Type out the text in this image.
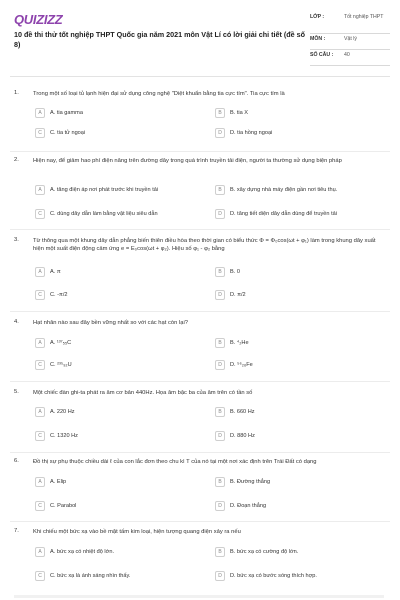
QUIZIZZ
10 đề thi thử tốt nghiệp THPT Quốc gia năm 2021 môn Vật Lí có lời giải chi tiết (đề số 8)
LỚP :	Tốt nghiệp THPT
MÔN :	Vật lý
SỐ CÂU : 40
1. Trong một số loại tủ lạnh hiện đại sử dụng công nghệ "Diệt khuẩn bằng tia cực tím". Tia cực tím là
A	A. tia gamma	B	B. tia X
C	C. tia tử ngoại	D	D. tia hồng ngoại
2. Hiện nay, để giảm hao phí điện năng trên đường dây trong quá trình truyền tải điện, người ta thường sử dụng biện pháp
A	A. tăng điện áp nơi phát trước khi truyền tải	B	B. xây dựng nhà máy điện gần nơi tiêu thụ.
C	C. dùng dây dẫn làm bằng vật liệu siêu dẫn	D	D. tăng tiết diện dây dẫn dùng để truyền tải
3. Từ thông qua một khung dây dẫn phẳng biến thiên điều hòa theo thời gian có biểu thức Φ = Φ₀cos(ωt + φ₁) làm trong khung dây xuất hiện một suất điện động cảm ứng e = E₀cos(ωt + φ₂). Hiệu số φ₁ - φ₂ bằng
A	A. π	B	B. 0
C	C. -π/2	D	D. π/2
4. Hạt nhân nào sau đây bền vững nhất so với các hạt còn lại?
A	A. ¹³⁷₅₅C	B	B. ⁴₂He
C	C. ²³⁵₉₂U	D	D. ⁵⁶₂₆Fe
5. Một chiếc đàn ghi-ta phát ra âm cơ bản 440Hz. Họa âm bậc ba của âm trên có tần số
A	A. 220 Hz	B	B. 660 Hz
C	C. 1320 Hz	D	D. 880 Hz
6. Đồ thị sự phụ thuộc chiều dài ℓ của con lắc đơn theo chu kì T của nó tại một nơi xác định trên Trái Đất có dạng
A	A. Elip	B	B. Đường thẳng
C	C. Parabol	D	D. Đoạn thẳng
7. Khi chiếu một bức xạ vào bề mặt tấm kim loại, hiện tượng quang điện xảy ra nếu
A	A. bức xạ có nhiệt độ lớn.	B	B. bức xạ có cường độ lớn.
C	C. bức xạ là ánh sáng nhìn thấy.	D	D. bức xạ có bước sóng thích hợp.
